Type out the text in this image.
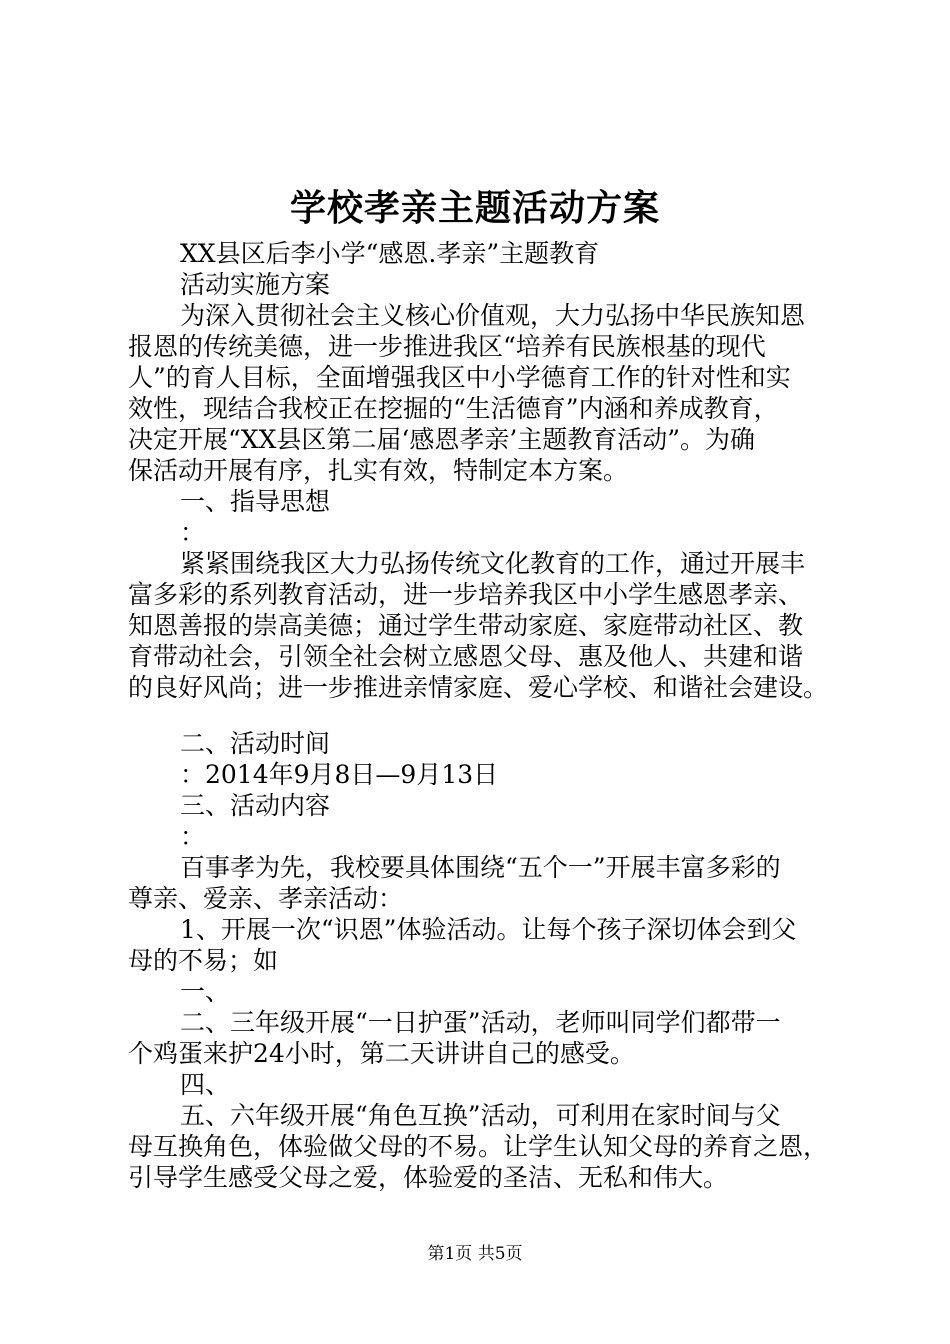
学校孝亲主题活动方案
XX县区后李小学“感恩.孝亲”主题教育
活动实施方案
为深入贯彻社会主义核心价值观，大力弘扬中华民族知恩
报恩的传统美德，进一步推进我区“培养有民族根基的现代
人”的育人目标，全面增强我区中小学德育工作的针对性和实
效性，现结合我校正在挖掘的“生活德育”内涵和养成教育，
决定开展“XX县区第二届‘感恩孝亲’主题教育活动”。为确
保活动开展有序，扎实有效，特制定本方案。
一、指导思想
：
紧紧围绕我区大力弘扬传统文化教育的工作，通过开展丰
富多彩的系列教育活动，进一步培养我区中小学生感恩孝亲、
知恩善报的崇高美德；通过学生带动家庭、家庭带动社区、教
育带动社会，引领全社会树立感恩父母、惠及他人、共建和谐
的良好风尚；进一步推进亲情家庭、爱心学校、和谐社会建设。
二、活动时间
：2014年9月8日—9月13日
三、活动内容
：
百事孝为先，我校要具体围绕“五个一”开展丰富多彩的
尊亲、爱亲、孝亲活动：
1、开展一次“识恩”体验活动。让每个孩子深切体会到父
母的不易；如
一、
二、三年级开展“一日护蛋”活动，老师叫同学们都带一
个鸡蛋来护24小时，第二天讲讲自己的感受。
四、
五、六年级开展“角色互换”活动，可利用在家时间与父
母互换角色，体验做父母的不易。让学生认知父母的养育之恩，
引导学生感受父母之爱，体验爱的圣洁、无私和伟大。
第1页 共5页
